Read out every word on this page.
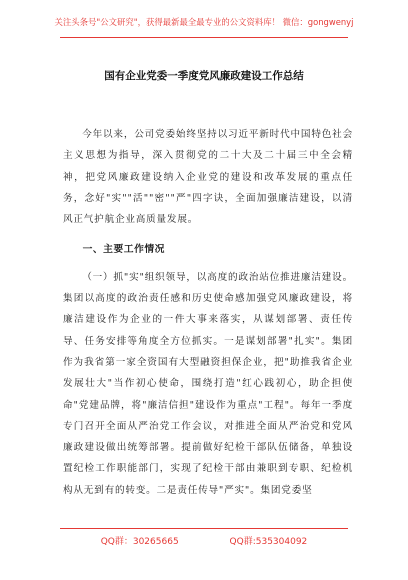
关注头条号"公文研究"，获得最新最全最专业的公文资料库！ 微信：gongwenyj
国有企业党委一季度党风廉政建设工作总结

今年以来，公司党委始终坚持以习近平新时代中国特色社会主义思想为指导，深入贯彻党的二十大及二十届三中全会精神，把党风廉政建设纳入企业党的建设和改革发展的重点任务，念好"实""活""密""严"四字诀，全面加强廉洁建设，以清风正气护航企业高质量发展。

一、主要工作情况

（一）抓"实"组织领导，以高度的政治站位推进廉洁建设。集团以高度的政治责任感和历史使命感加强党风廉政建设，将廉洁建设作为企业的一件大事来落实，从谋划部署、责任传导、任务安排等角度全方位抓实。一是谋划部署"扎实"。集团作为我省第一家全资国有大型融资担保企业，把"助推我省企业发展壮大"当作初心使命，围绕打造"红心践初心，助企担使命"党建品牌，将"廉洁信担"建设作为重点"工程"。每年一季度专门召开全面从严治党工作会议，对推进全面从严治党和党风廉政建设做出统筹部署。提前做好纪检干部队伍储备，单独设置纪检工作职能部门，实现了纪检干部由兼职到专职、纪检机构从无到有的转变。二是责任传导"严实"。集团党委坚

QQ群：30265665	QQ群:535304092
